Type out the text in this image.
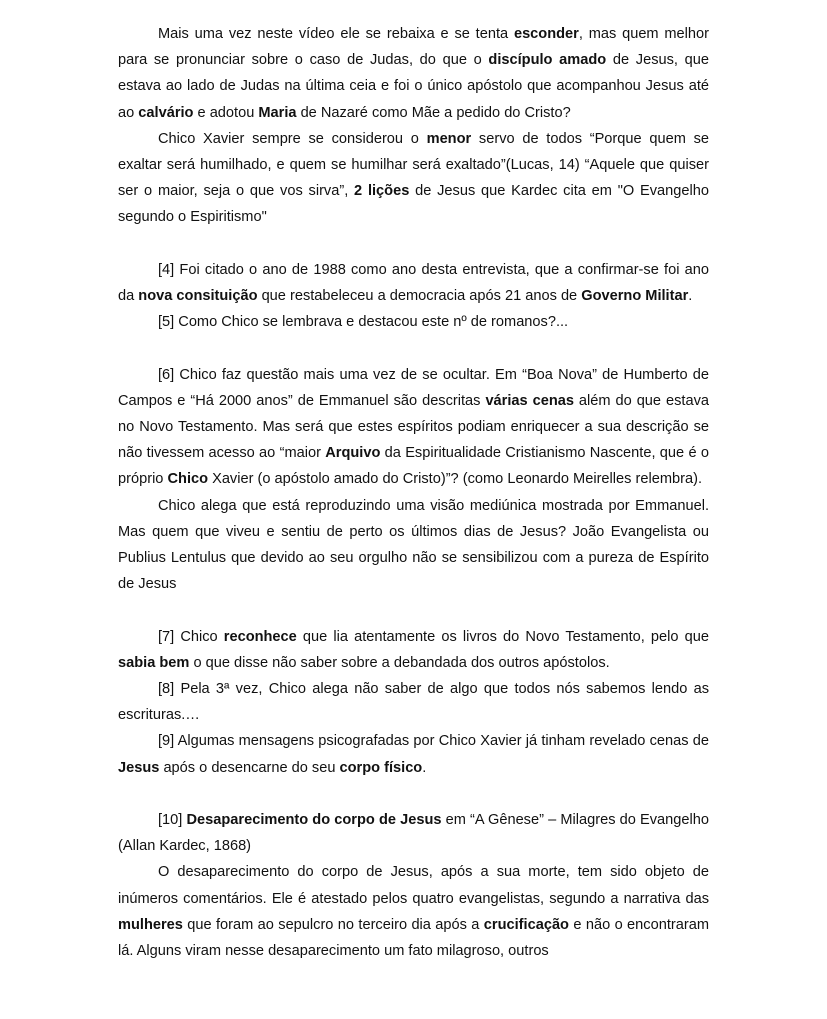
Mais uma vez neste vídeo ele se rebaixa e se tenta esconder, mas quem melhor para se pronunciar sobre o caso de Judas, do que o discípulo amado de Jesus, que estava ao lado de Judas na última ceia e foi o único apóstolo que acompanhou Jesus até ao calvário e adotou Maria de Nazaré como Mãe a pedido do Cristo?

Chico Xavier sempre se considerou o menor servo de todos “Porque quem se exaltar será humilhado, e quem se humilhar será exaltado”(Lucas, 14) “Aquele que quiser ser o maior, seja o que vos sirva”, 2 lições de Jesus que Kardec cita em "O Evangelho segundo o Espiritismo"

[4] Foi citado o ano de 1988 como ano desta entrevista, que a confirmar-se foi ano da nova consituição que restabeleceu a democracia após 21 anos de Governo Militar.

[5] Como Chico se lembrava e destacou este nº de romanos?...

[6] Chico faz questão mais uma vez de se ocultar. Em “Boa Nova” de Humberto de Campos e “Há 2000 anos” de Emmanuel são descritas várias cenas além do que estava no Novo Testamento. Mas será que estes espíritos podiam enriquecer a sua descrição se não tivessem acesso ao “maior Arquivo da Espiritualidade Cristianismo Nascente, que é o próprio Chico Xavier (o apóstolo amado do Cristo)”? (como Leonardo Meirelles relembra).

Chico alega que está reproduzindo uma visão mediúnica mostrada por Emmanuel. Mas quem que viveu e sentiu de perto os últimos dias de Jesus? João Evangelista ou Publius Lentulus que devido ao seu orgulho não se sensibilizou com a pureza de Espírito de Jesus

[7] Chico reconhece que lia atentamente os livros do Novo Testamento, pelo que sabia bem o que disse não saber sobre a debandada dos outros apóstolos.

[8] Pela 3ª vez, Chico alega não saber de algo que todos nós sabemos lendo as escrituras.…

[9] Algumas mensagens psicografadas por Chico Xavier já tinham revelado cenas de Jesus após o desencarne do seu corpo físico.

[10] Desaparecimento do corpo de Jesus em “A Gênese” – Milagres do Evangelho (Allan Kardec, 1868)

O desaparecimento do corpo de Jesus, após a sua morte, tem sido objeto de inúmeros comentários. Ele é atestado pelos quatro evangelistas, segundo a narrativa das mulheres que foram ao sepulcro no terceiro dia após a crucificação e não o encontraram lá. Alguns viram nesse desaparecimento um fato milagroso, outros
